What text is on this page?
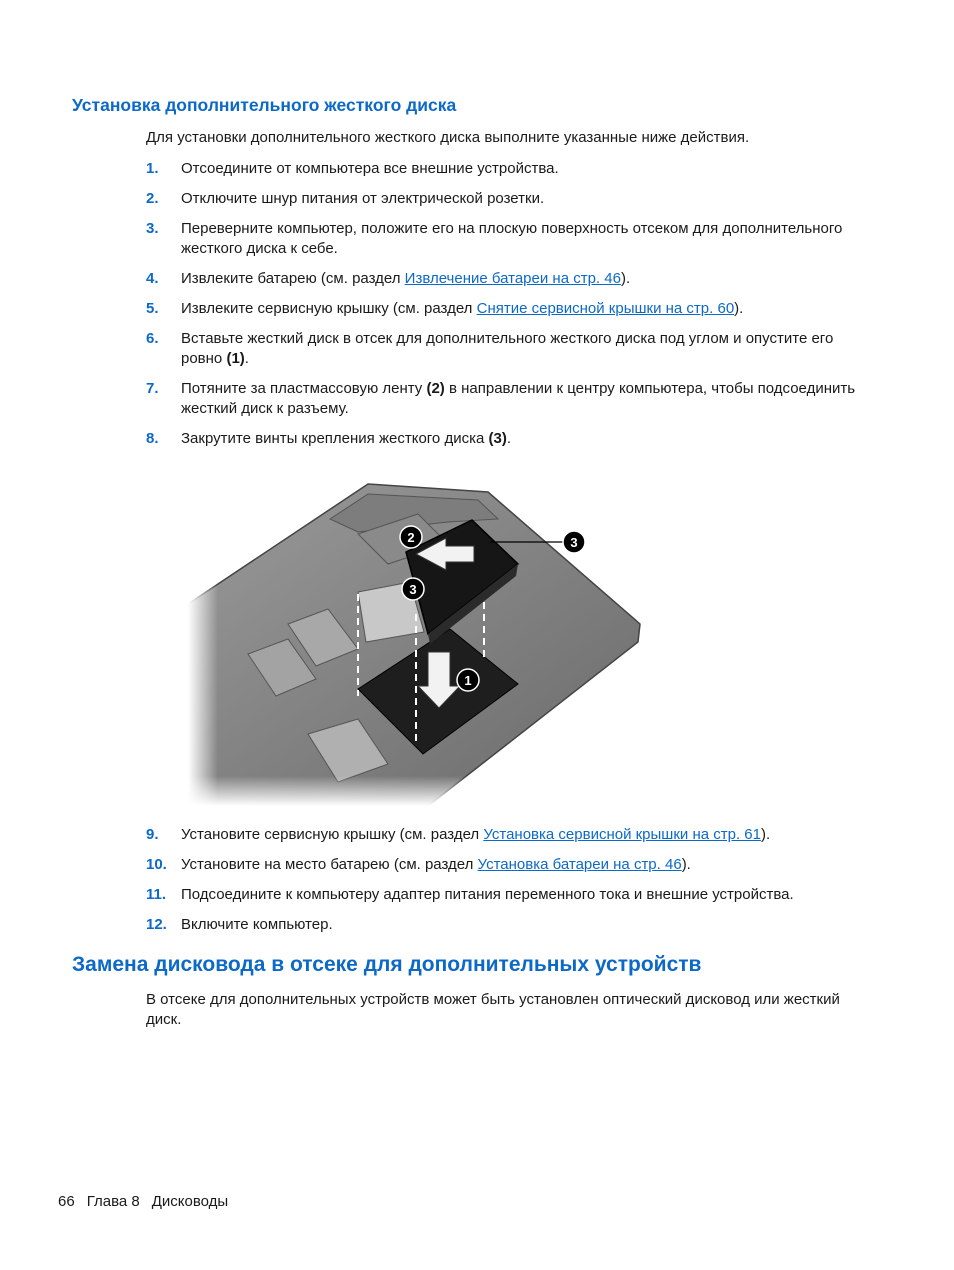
Установка дополнительного жесткого диска

Для установки дополнительного жесткого диска выполните указанные ниже действия.

1. Отсоедините от компьютера все внешние устройства.
2. Отключите шнур питания от электрической розетки.
3. Переверните компьютер, положите его на плоскую поверхность отсеком для дополнительного жесткого диска к себе.
4. Извлеките батарею (см. раздел Извлечение батареи на стр. 46).
5. Извлеките сервисную крышку (см. раздел Снятие сервисной крышки на стр. 60).
6. Вставьте жесткий диск в отсек для дополнительного жесткого диска под углом и опустите его ровно (1).
7. Потяните за пластмассовую ленту (2) в направлении к центру компьютера, чтобы подсоединить жесткий диск к разъему.
8. Закрутите винты крепления жесткого диска (3).
1
2	3
3
9. Установите сервисную крышку (см. раздел Установка сервисной крышки на стр. 61).
10. Установите на место батарею (см. раздел Установка батареи на стр. 46).
11. Подсоедините к компьютеру адаптер питания переменного тока и внешние устройства.
12. Включите компьютер.
Замена дисковода в отсеке для дополнительных устройств

В отсеке для дополнительных устройств может быть установлен оптический дисковод или жесткий диск.

66 Глава 8 Дисководы
